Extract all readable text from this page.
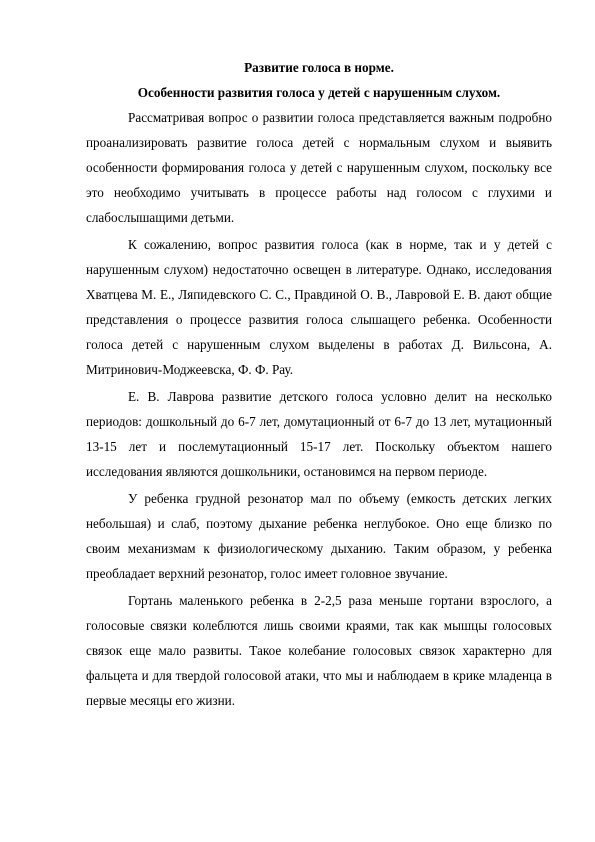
Развитие голоса в норме.

Особенности развития голоса у детей с нарушенным слухом.

Рассматривая вопрос о развитии голоса представляется важным подробно проанализировать развитие голоса детей с нормальным слухом и выявить особенности формирования голоса у детей с нарушенным слухом, поскольку все это необходимо учитывать в процессе работы над голосом с глухими и слабослышащими детьми.

К сожалению, вопрос развития голоса (как в норме, так и у детей с нарушенным слухом) недостаточно освещен в литературе. Однако, исследования Хватцева М. Е., Ляпидевского С. С., Правдиной О. В., Лавровой Е. В. дают общие представления о процессе развития голоса слышащего ребенка. Особенности голоса детей с нарушенным слухом выделены в работах Д. Вильсона, А. Митринович-Моджеевска, Ф. Ф. Рау.

Е. В. Лаврова развитие детского голоса условно делит на несколько периодов: дошкольный до 6-7 лет, домутационный от 6-7 до 13 лет, мутационный 13-15 лет и послемутационный 15-17 лет. Поскольку объектом нашего исследования являются дошкольники, остановимся на первом периоде.

У ребенка грудной резонатор мал по объему (емкость детских легких небольшая) и слаб, поэтому дыхание ребенка неглубокое. Оно еще близко по своим механизмам к физиологическому дыханию. Таким образом, у ребенка преобладает верхний резонатор, голос имеет головное звучание.

Гортань маленького ребенка в 2-2,5 раза меньше гортани взрослого, а голосовые связки колеблются лишь своими краями, так как мышцы голосовых связок еще мало развиты. Такое колебание голосовых связок характерно для фальцета и для твердой голосовой атаки, что мы и наблюдаем в крике младенца в первые месяцы его жизни.
